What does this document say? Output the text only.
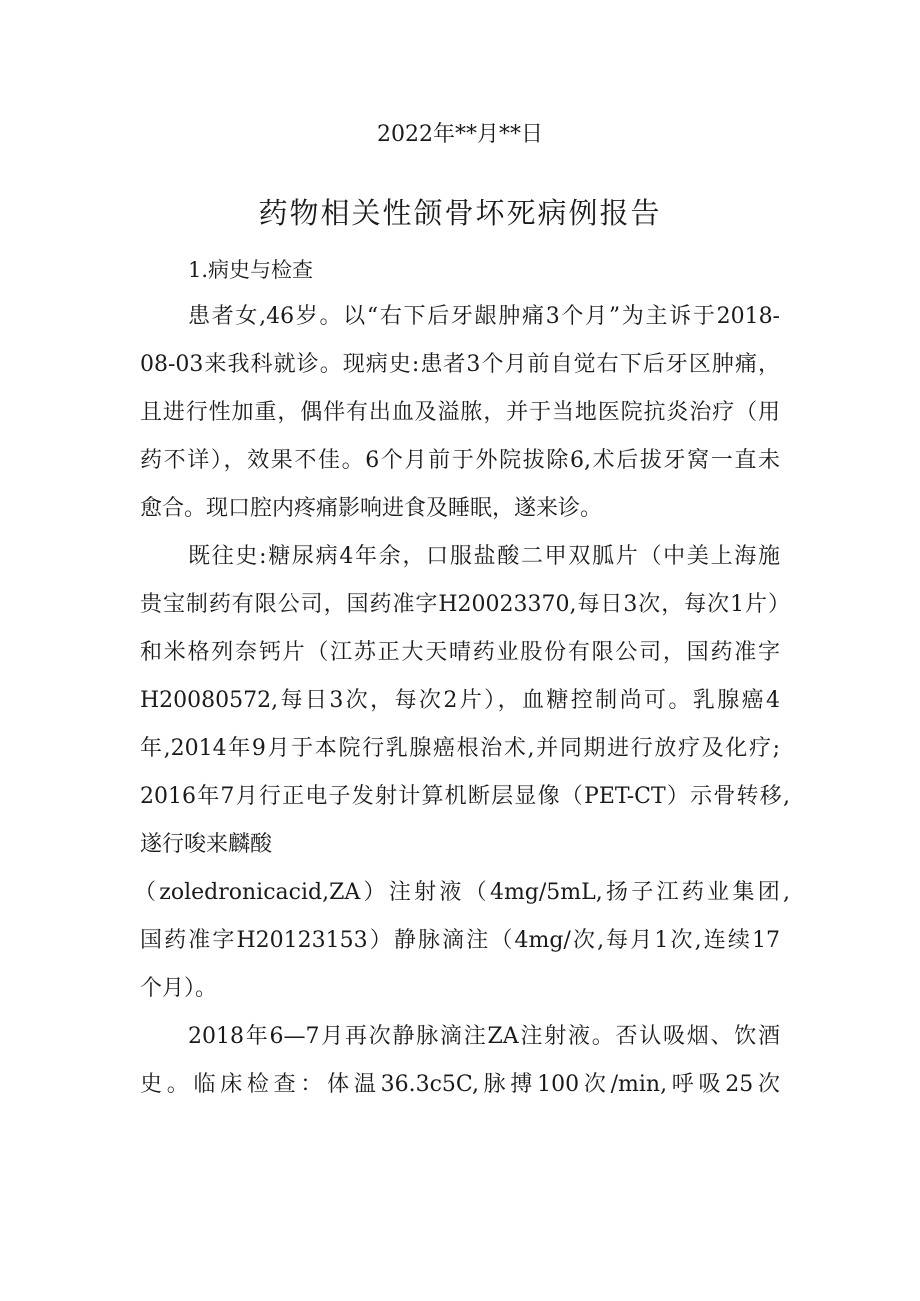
2022年**月**日
药物相关性颌骨坏死病例报告
1.病史与检查
患者女,46岁。以“右下后牙龈肿痛3个月”为主诉于2018-
08-03来我科就诊。现病史:患者3个月前自觉右下后牙区肿痛，
且进行性加重，偶伴有出血及溢脓，并于当地医院抗炎治疗（用
药不详），效果不佳。6个月前于外院拔除6,术后拔牙窝一直未
愈合。现口腔内疼痛影响进食及睡眠，遂来诊。
既往史:糖尿病4年余，口服盐酸二甲双胍片（中美上海施
贵宝制药有限公司，国药准字H20023370,每日3次，每次1片）
和米格列奈钙片（江苏正大天晴药业股份有限公司，国药准字
H20080572,每日3次，每次2片），血糖控制尚可。乳腺癌4
年,2014年9月于本院行乳腺癌根治术,并同期进行放疗及化疗;
2016年7月行正电子发射计算机断层显像（PET-CT）示骨转移,
遂行唆来麟酸
（zoledronicacid,ZA）注射液（4mg/5mL,扬子江药业集团,
国药准字H20123153）静脉滴注（4mg/次,每月1次,连续17
个月）。
2018年6—7月再次静脉滴注ZA注射液。否认吸烟、饮酒
史。临床检查：体温36.3c5C,脉搏100次/min,呼吸25次
